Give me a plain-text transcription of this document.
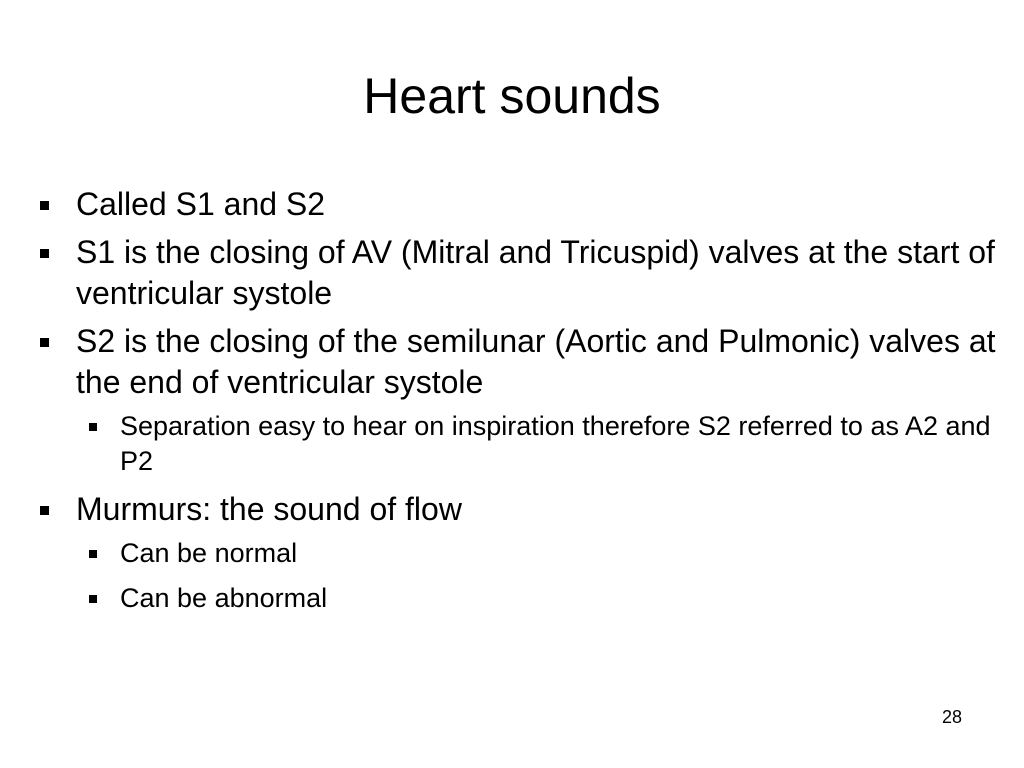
Heart sounds
Called S1 and S2
S1 is the closing of AV (Mitral and Tricuspid) valves at the start of ventricular systole
S2 is the closing of the semilunar (Aortic and Pulmonic) valves at the end of ventricular systole
Separation easy to hear on inspiration therefore S2 referred to as A2 and P2
Murmurs: the sound of flow
Can be normal
Can be abnormal
28
